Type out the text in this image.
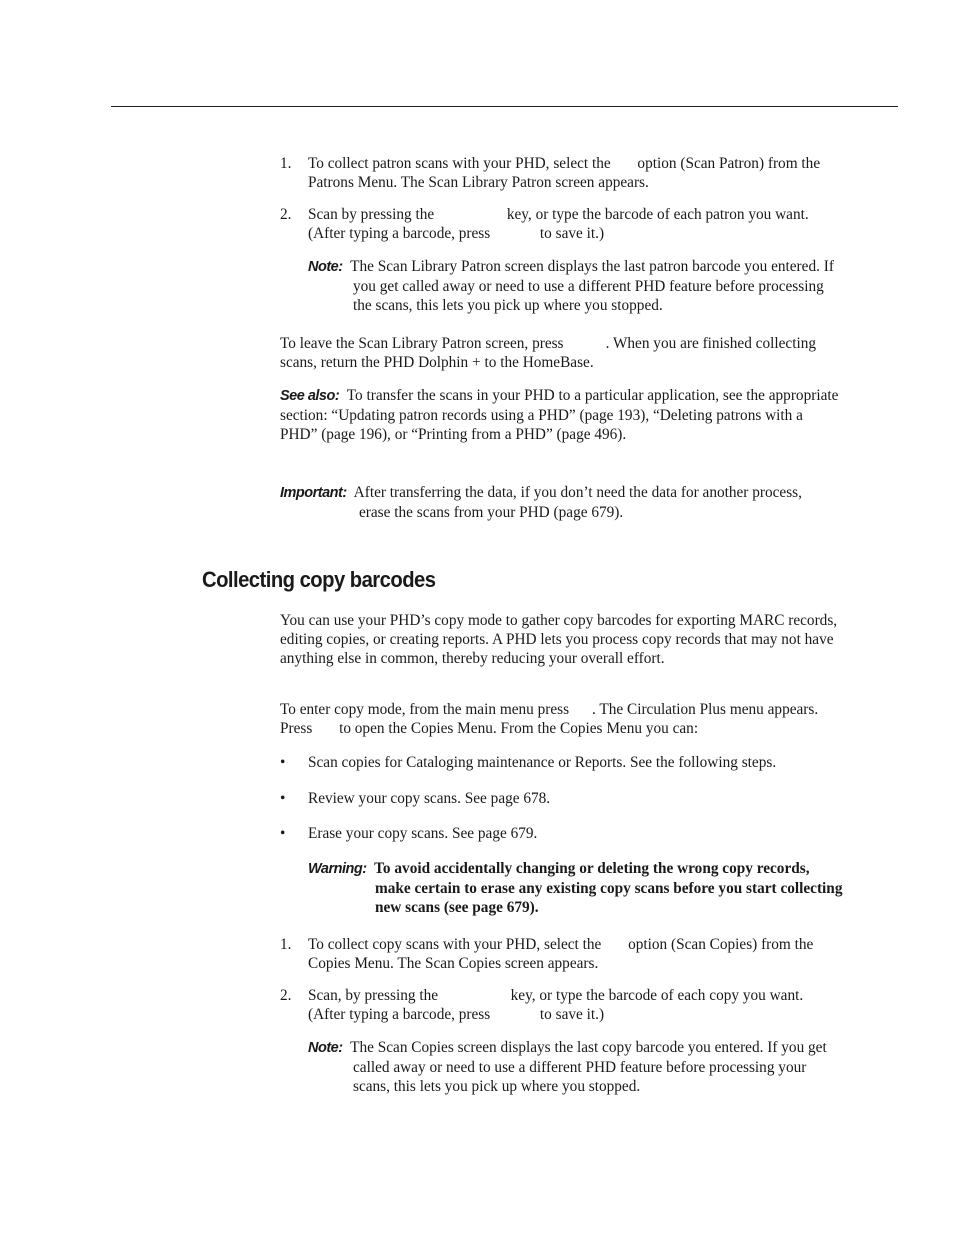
1. To collect patron scans with your PHD, select the       option (Scan Patron) from the Patrons Menu. The Scan Library Patron screen appears.

2. Scan by pressing the                   key, or type the barcode of each patron you want. (After typing a barcode, press             to save it.)

Note: The Scan Library Patron screen displays the last patron barcode you entered. If you get called away or need to use a different PHD feature before processing the scans, this lets you pick up where you stopped.

To leave the Scan Library Patron screen, press           . When you are finished collecting scans, return the PHD Dolphin + to the HomeBase.

See also: To transfer the scans in your PHD to a particular application, see the appropriate section: “Updating patron records using a PHD” (page 193), “Deleting patrons with a PHD” (page 196), or “Printing from a PHD” (page 496).

Important: After transferring the data, if you don’t need the data for another process, erase the scans from your PHD (page 679).

Collecting copy barcodes

You can use your PHD’s copy mode to gather copy barcodes for exporting MARC records, editing copies, or creating reports. A PHD lets you process copy records that may not have anything else in common, thereby reducing your overall effort.

To enter copy mode, from the main menu press      . The Circulation Plus menu appears. Press       to open the Copies Menu. From the Copies Menu you can:

• Scan copies for Cataloging maintenance or Reports. See the following steps.

• Review your copy scans. See page 678.

• Erase your copy scans. See page 679.

Warning: To avoid accidentally changing or deleting the wrong copy records, make certain to erase any existing copy scans before you start collecting new scans (see page 679).

1. To collect copy scans with your PHD, select the       option (Scan Copies) from the Copies Menu. The Scan Copies screen appears.

2. Scan, by pressing the                   key, or type the barcode of each copy you want. (After typing a barcode, press             to save it.)

Note: The Scan Copies screen displays the last copy barcode you entered. If you get called away or need to use a different PHD feature before processing your scans, this lets you pick up where you stopped.
